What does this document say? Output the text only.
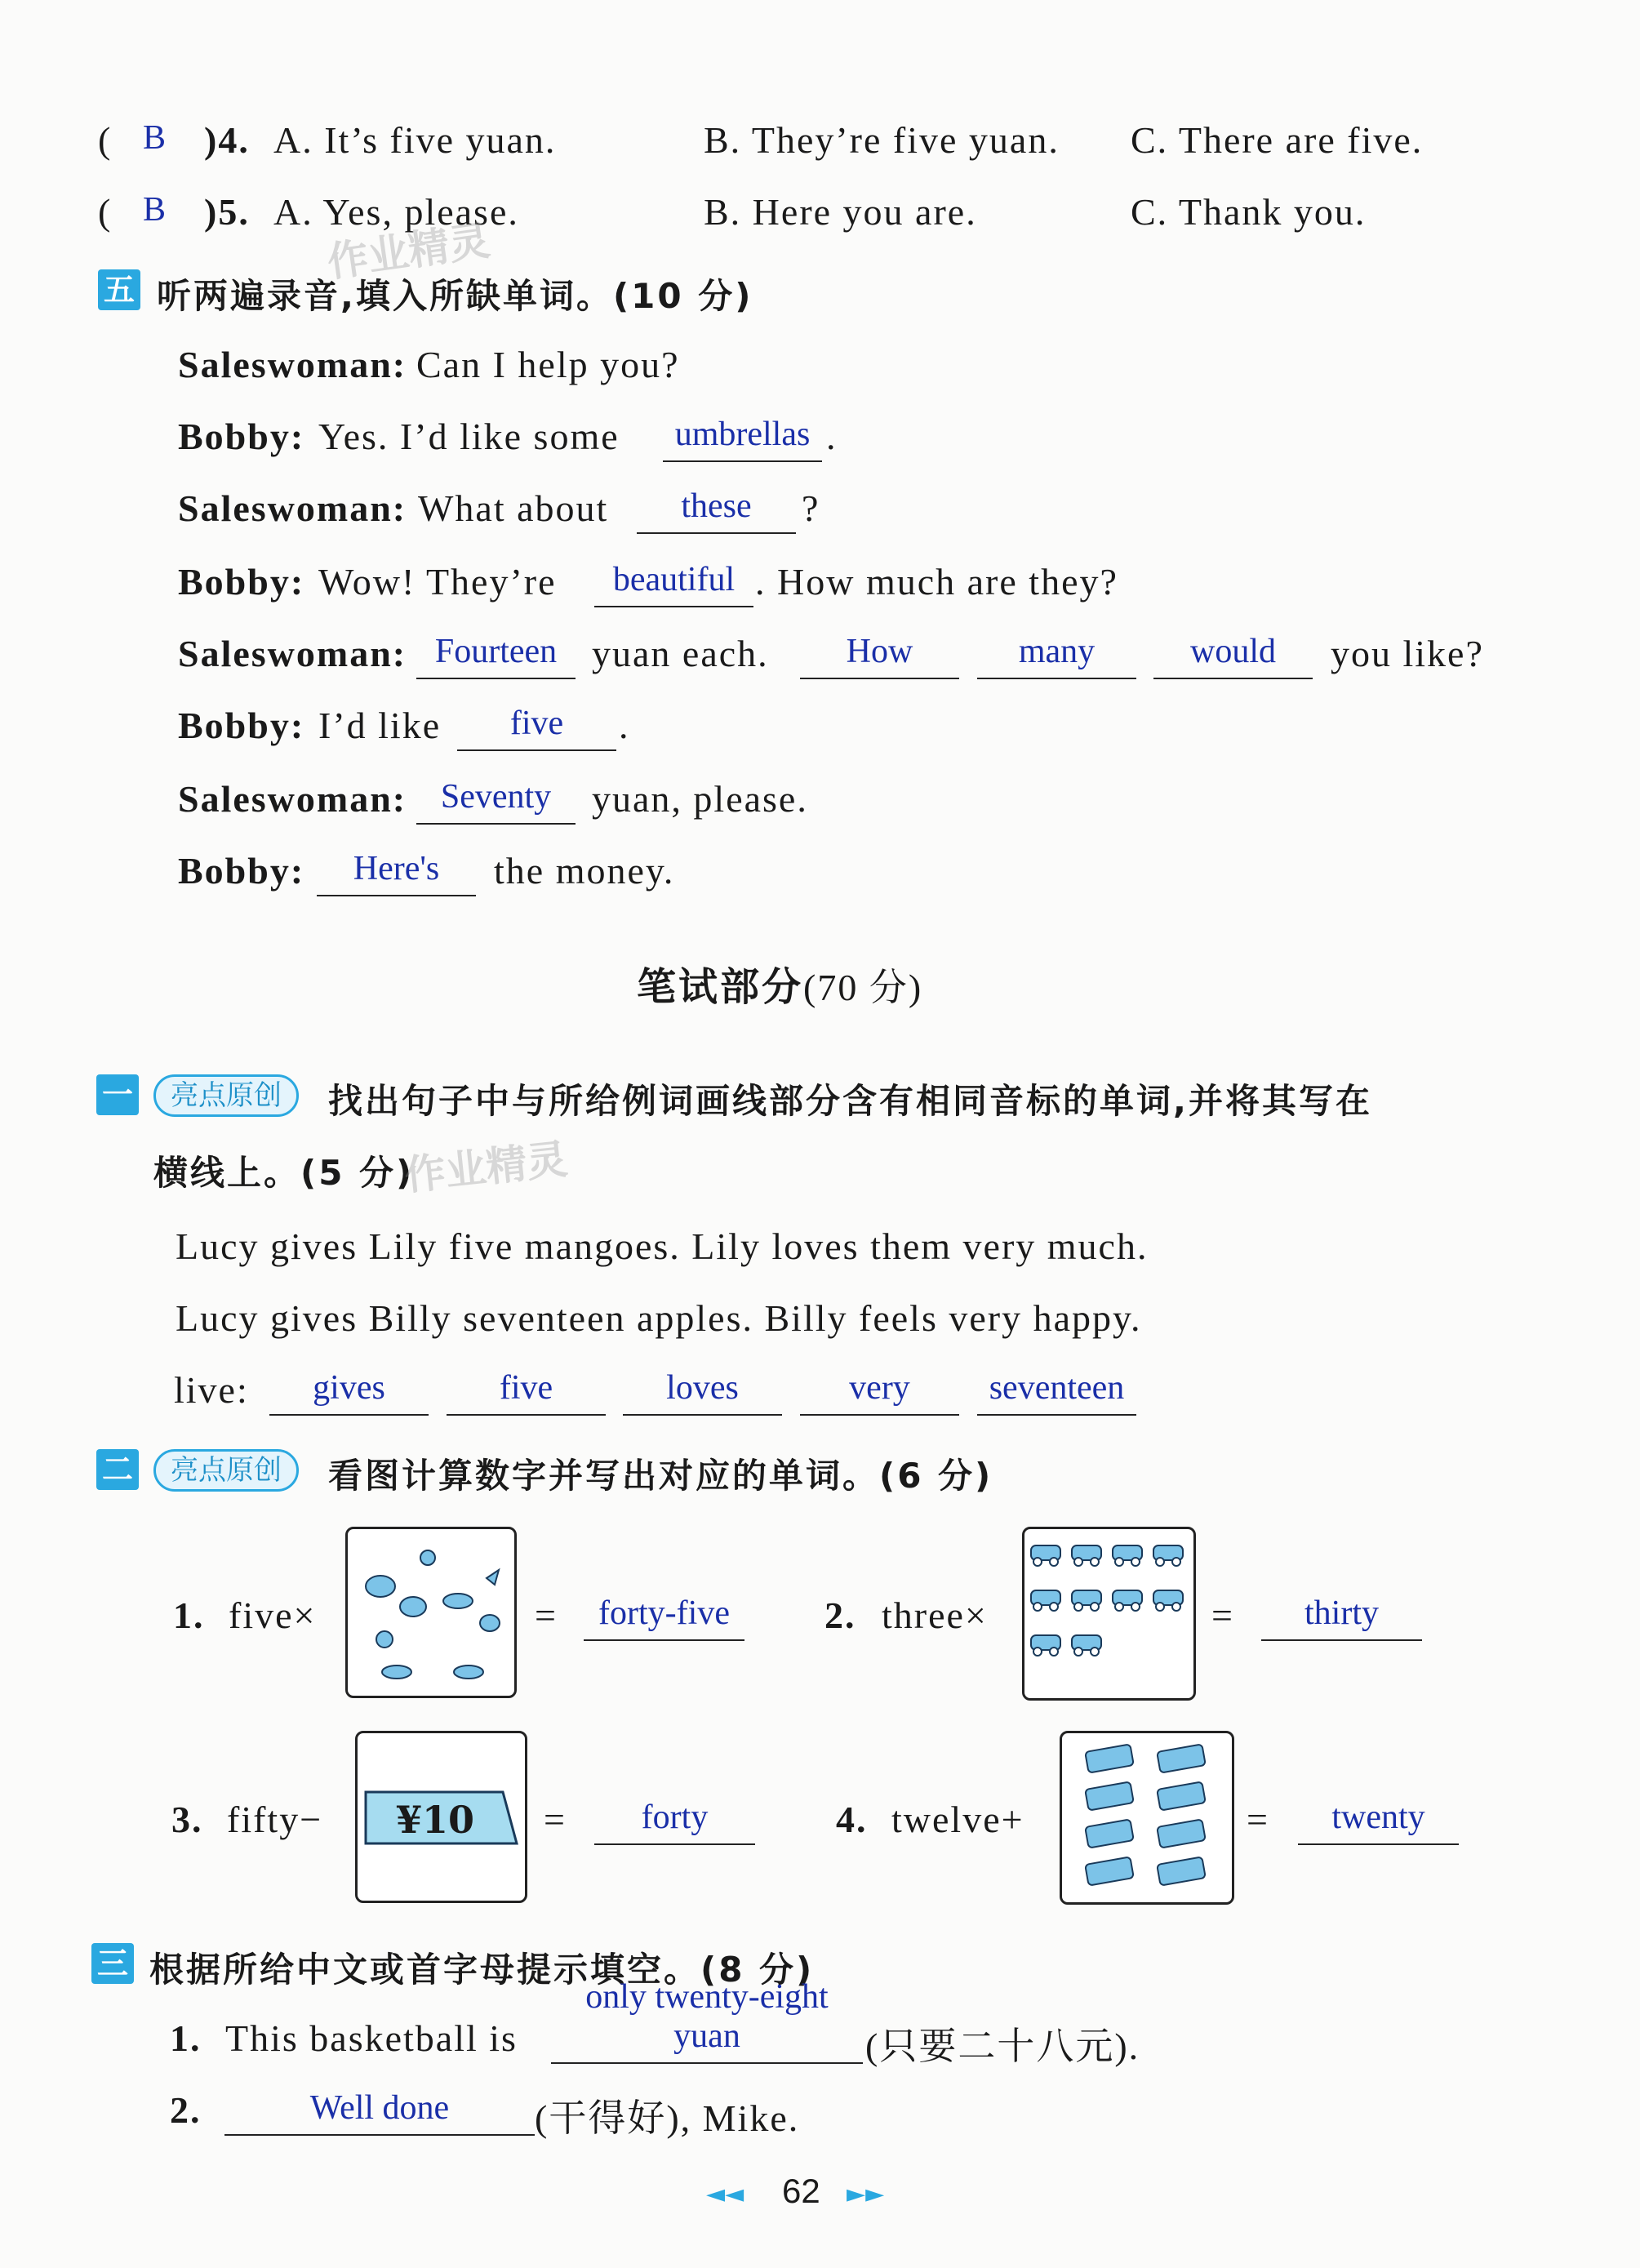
( B )4. A. It’s five yuan.	B. They’re five yuan. C. There are five.
( B )5. A. Yes, please.	B. Here you are.	C. Thank you.
作业精灵
五 听两遍录音,填入所缺单词。(10 分)
Saleswoman: Can I help you?
Bobby: Yes. I’d like some	umbrellas .
Saleswoman: What about	these	?
Bobby: Wow! They’re	beautiful . How much are they?
Saleswoman: Fourteen yuan each.	How	many	would	you like?
Bobby: I’d like	five	.
Saleswoman: Seventy	yuan, please.
Bobby:	Here's	the money.
笔试部分(70 分)
一	亮点原创	找出句子中与所给例词画线部分含有相同音标的单词,并将其写在
横线上。(5 分)
作业精灵
Lucy gives Lily five mangoes. Lily loves them very much.
Lucy gives Billy seventeen apples. Billy feels very happy.
live:	gives	five	loves	very	seventeen
二	亮点原创	看图计算数字并写出对应的单词。(6 分)
1. five×	=	forty-five	2. three×	=	thirty
3. fifty− ¥10 =	forty	4. twelve+	=	twenty
三 根据所给中文或首字母提示填空。(8 分)
1. This basketball is
only twenty-eight yuan	(只要二十八元).
2.	Well done	(干得好), Mike.
◄◄ 62 ►►
